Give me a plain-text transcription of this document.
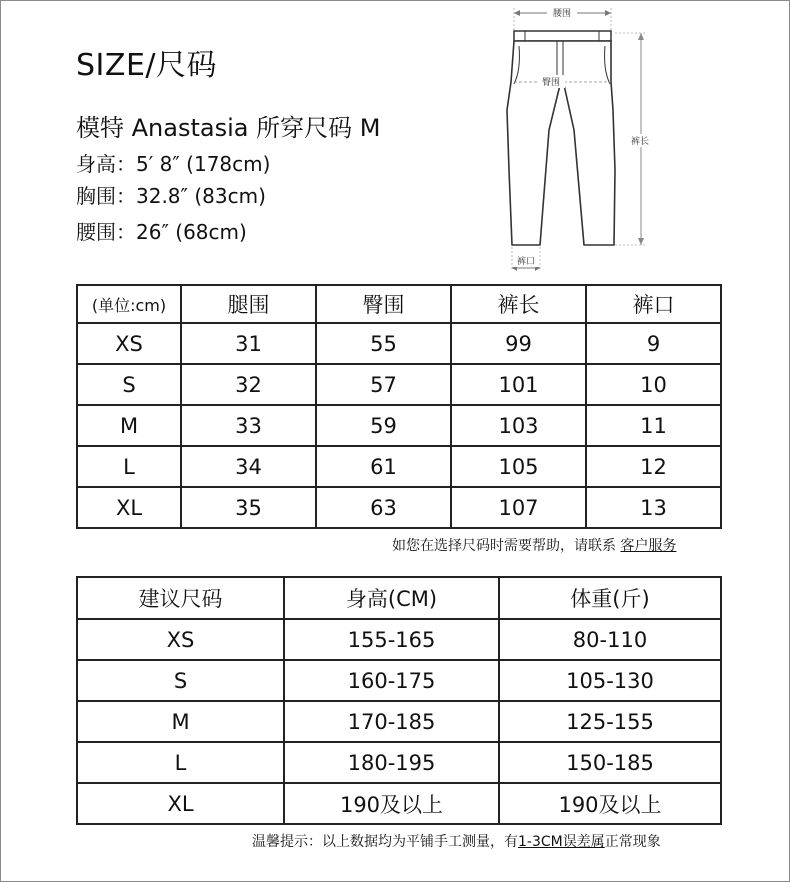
SIZE/尺码
模特 Anastasia 所穿尺码 M
身高：5′ 8″ (178cm)
胸围：32.8″ (83cm)
腰围：26″ (68cm)
腰围
臀围
裤长
裤口
(单位:cm)	腿围	臀围	裤长	裤口
XS	31	55	99	9
S	32	57	101	10
M	33	59	103	11
L	34	61	105	12
XL	35	63	107	13
如您在选择尺码时需要帮助，请联系 客户服务
建议尺码	身高(CM)	体重(斤)
XS	155-165	80-110
S	160-175	105-130
M	170-185	125-155
L	180-195	150-185
XL	190及以上	190及以上
温馨提示：以上数据均为平铺手工测量，有1-3CM误差属正常现象
